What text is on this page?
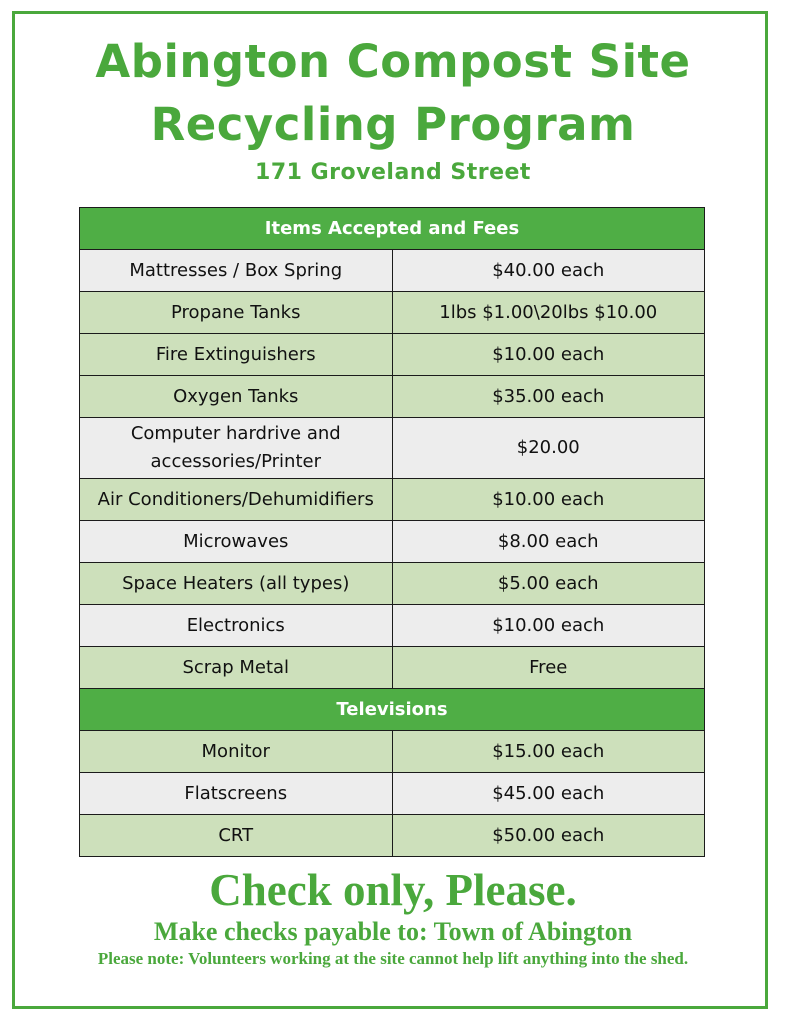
Abington Compost Site
Recycling Program
171 Groveland Street
Items Accepted and Fees	
Mattresses / Box Spring	$40.00 each
Propane Tanks	1lbs $1.00\20lbs $10.00
Fire Extinguishers	$10.00 each
Oxygen Tanks	$35.00 each
Computer hardrive and accessories/Printer	$20.00
Air Conditioners/Dehumidifiers	$10.00 each
Microwaves	$8.00 each
Space Heaters (all types)	$5.00 each
Electronics	$10.00 each
Scrap Metal	Free
Televisions	
Monitor	$15.00 each
Flatscreens	$45.00 each
CRT	$50.00 each

Check only, Please.

Make checks payable to: Town of Abington

Please note: Volunteers working at the site cannot help lift anything into the shed.
